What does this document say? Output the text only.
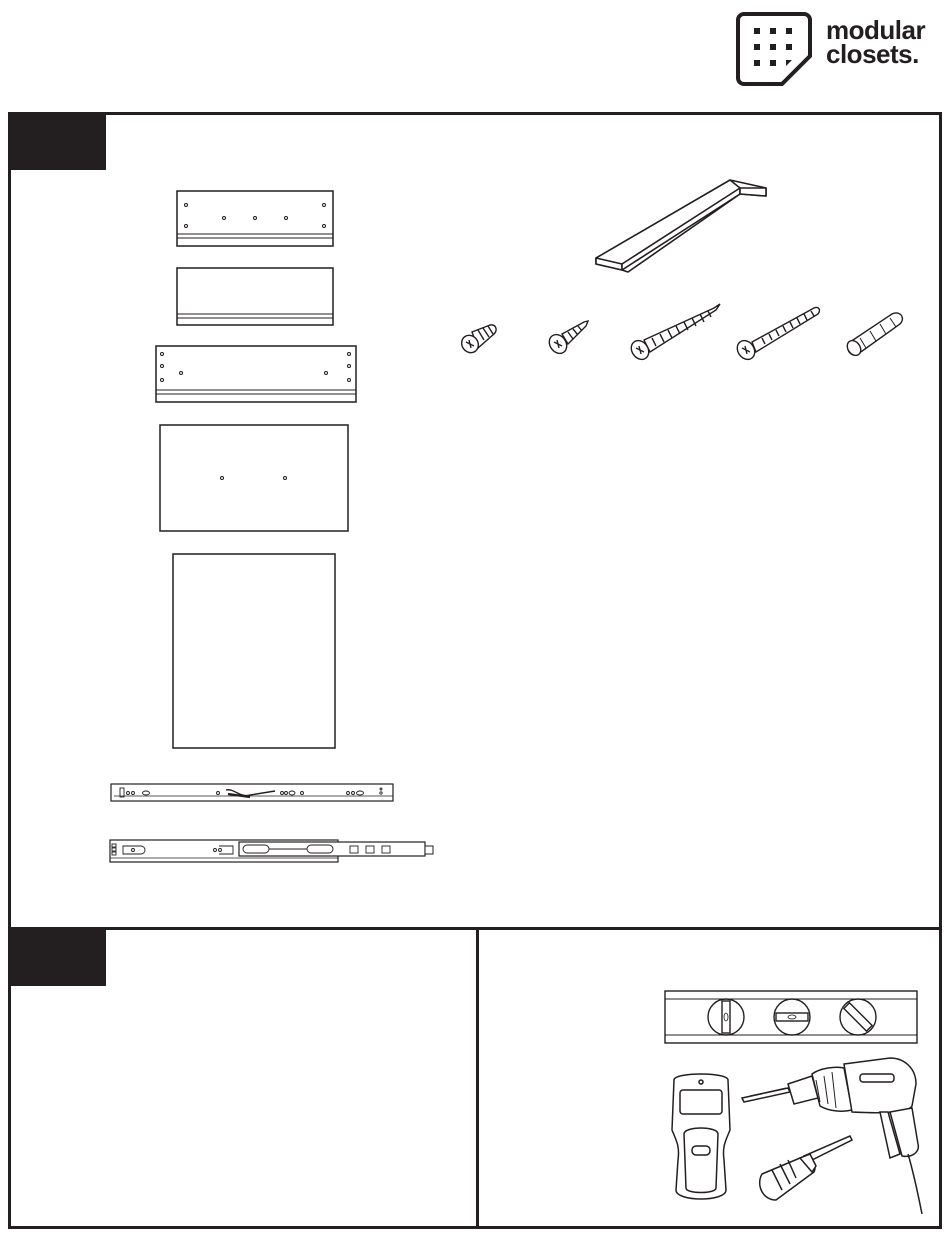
modular
closets.
